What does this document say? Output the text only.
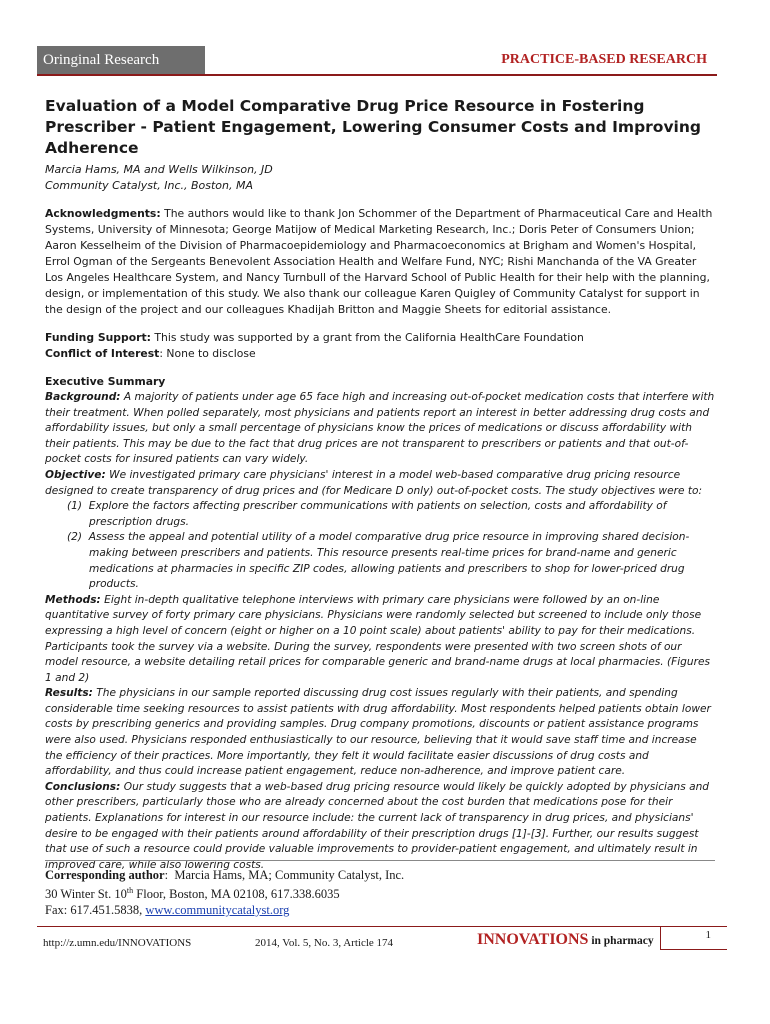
Oringinal Research	PRACTICE-BASED RESEARCH
Evaluation of a Model Comparative Drug Price Resource in Fostering Prescriber - Patient Engagement, Lowering Consumer Costs and Improving Adherence

Marcia Hams, MA and Wells Wilkinson, JD

Community Catalyst, Inc., Boston, MA

Acknowledgments: The authors would like to thank Jon Schommer of the Department of Pharmaceutical Care and Health Systems, University of Minnesota; George Matijow of Medical Marketing Research, Inc.; Doris Peter of Consumers Union; Aaron Kesselheim of the Division of Pharmacoepidemiology and Pharmacoeconomics at Brigham and Women's Hospital, Errol Ogman of the Sergeants Benevolent Association Health and Welfare Fund, NYC; Rishi Manchanda of the VA Greater Los Angeles Healthcare System, and Nancy Turnbull of the Harvard School of Public Health for their help with the planning, design, or implementation of this study. We also thank our colleague Karen Quigley of Community Catalyst for support in the design of the project and our colleagues Khadijah Britton and Maggie Sheets for editorial assistance.

Funding Support: This study was supported by a grant from the California HealthCare Foundation

Conflict of Interest: None to disclose

Executive Summary

Background: A majority of patients under age 65 face high and increasing out-of-pocket medication costs that interfere with their treatment. When polled separately, most physicians and patients report an interest in better addressing drug costs and affordability issues, but only a small percentage of physicians know the prices of medications or discuss affordability with their patients. This may be due to the fact that drug prices are not transparent to prescribers or patients and that out-of-pocket costs for insured patients can vary widely.

Objective: We investigated primary care physicians' interest in a model web-based comparative drug pricing resource designed to create transparency of drug prices and (for Medicare D only) out-of-pocket costs. The study objectives were to:

(1) Explore the factors affecting prescriber communications with patients on selection, costs and affordability of prescription drugs.
(2) Assess the appeal and potential utility of a model comparative drug price resource in improving shared decision-making between prescribers and patients. This resource presents real-time prices for brand-name and generic medications at pharmacies in specific ZIP codes, allowing patients and prescribers to shop for lower-priced drug products.

Methods: Eight in-depth qualitative telephone interviews with primary care physicians were followed by an on-line quantitative survey of forty primary care physicians. Physicians were randomly selected but screened to include only those expressing a high level of concern (eight or higher on a 10 point scale) about patients' ability to pay for their medications. Participants took the survey via a website. During the survey, respondents were presented with two screen shots of our model resource, a website detailing retail prices for comparable generic and brand-name drugs at local pharmacies. (Figures 1 and 2)

Results: The physicians in our sample reported discussing drug cost issues regularly with their patients, and spending considerable time seeking resources to assist patients with drug affordability. Most respondents helped patients obtain lower costs by prescribing generics and providing samples. Drug company promotions, discounts or patient assistance programs were also used. Physicians responded enthusiastically to our resource, believing that it would save staff time and increase the efficiency of their practices. More importantly, they felt it would facilitate easier discussions of drug costs and affordability, and thus could increase patient engagement, reduce non-adherence, and improve patient care.

Conclusions: Our study suggests that a web-based drug pricing resource would likely be quickly adopted by physicians and other prescribers, particularly those who are already concerned about the cost burden that medications pose for their patients. Explanations for interest in our resource include: the current lack of transparency in drug prices, and physicians' desire to be engaged with their patients around affordability of their prescription drugs [1]-[3]. Further, our results suggest that use of such a resource could provide valuable improvements to provider-patient engagement, and ultimately result in improved care, while also lowering costs.

Corresponding author:  Marcia Hams, MA; Community Catalyst, Inc.
30 Winter St. 10th Floor, Boston, MA 02108, 617.338.6035
Fax: 617.451.5838, www.communitycatalyst.org
http://z.umn.edu/INNOVATIONS	2014, Vol. 5, No. 3, Article 174	INNOVATIONS in pharmacy	1
